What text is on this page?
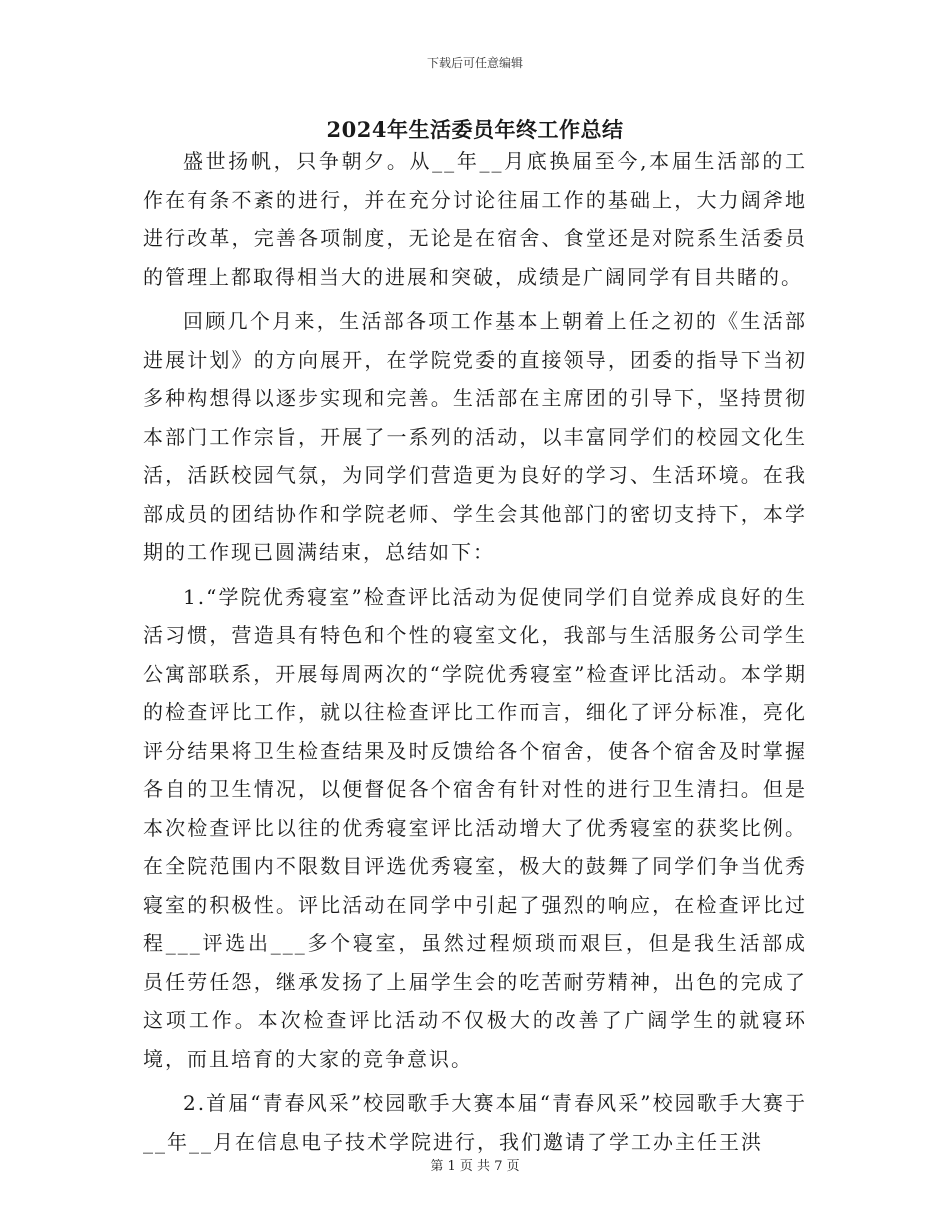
下载后可任意编辑
2024年生活委员年终工作总结

盛世扬帆，只争朝夕。从__年__月底换届至今,本届生活部的工作在有条不紊的进行，并在充分讨论往届工作的基础上，大力阔斧地进行改革，完善各项制度，无论是在宿舍、食堂还是对院系生活委员的管理上都取得相当大的进展和突破，成绩是广阔同学有目共睹的。

回顾几个月来，生活部各项工作基本上朝着上任之初的《生活部进展计划》的方向展开，在学院党委的直接领导，团委的指导下当初多种构想得以逐步实现和完善。生活部在主席团的引导下，坚持贯彻本部门工作宗旨，开展了一系列的活动，以丰富同学们的校园文化生活，活跃校园气氛，为同学们营造更为良好的学习、生活环境。在我部成员的团结协作和学院老师、学生会其他部门的密切支持下，本学期的工作现已圆满结束，总结如下：

1.“学院优秀寝室”检查评比活动为促使同学们自觉养成良好的生活习惯，营造具有特色和个性的寝室文化，我部与生活服务公司学生公寓部联系，开展每周两次的“学院优秀寝室”检查评比活动。本学期的检查评比工作，就以往检查评比工作而言，细化了评分标准，亮化评分结果将卫生检查结果及时反馈给各个宿舍，使各个宿舍及时掌握各自的卫生情况，以便督促各个宿舍有针对性的进行卫生清扫。但是本次检查评比以往的优秀寝室评比活动增大了优秀寝室的获奖比例。在全院范围内不限数目评选优秀寝室，极大的鼓舞了同学们争当优秀寝室的积极性。评比活动在同学中引起了强烈的响应，在检查评比过程___评选出___多个寝室，虽然过程烦琐而艰巨，但是我生活部成员任劳任怨，继承发扬了上届学生会的吃苦耐劳精神，出色的完成了这项工作。本次检查评比活动不仅极大的改善了广阔学生的就寝环境，而且培育的大家的竞争意识。

2.首届“青春风采”校园歌手大赛本届“青春风采”校园歌手大赛于__年__月在信息电子技术学院进行，我们邀请了学工办主任王洪

第 1 页 共 7 页
